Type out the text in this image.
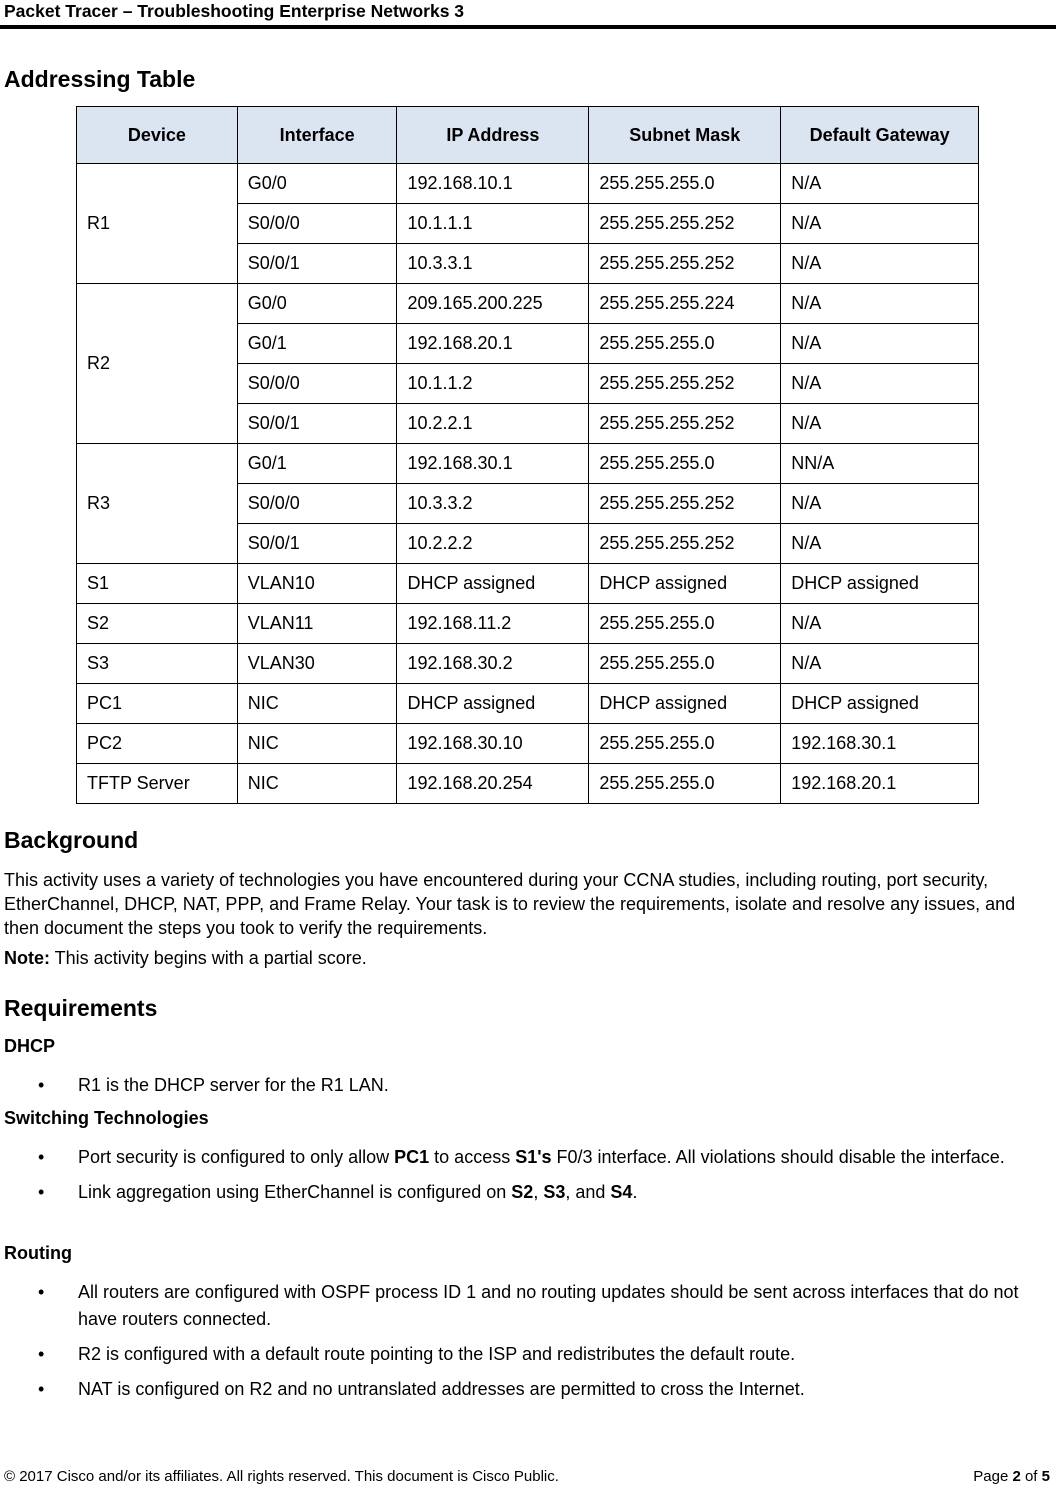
Packet Tracer – Troubleshooting Enterprise Networks 3
Addressing Table
Device	Interface	IP Address	Subnet Mask	Default Gateway
R1	G0/0	192.168.10.1	255.255.255.0	N/A
	S0/0/0	10.1.1.1	255.255.255.252	N/A
	S0/0/1	10.3.3.1	255.255.255.252	N/A
R2	G0/0	209.165.200.225	255.255.255.224	N/A
	G0/1	192.168.20.1	255.255.255.0	N/A
	S0/0/0	10.1.1.2	255.255.255.252	N/A
	S0/0/1	10.2.2.1	255.255.255.252	N/A
R3	G0/1	192.168.30.1	255.255.255.0	NN/A
	S0/0/0	10.3.3.2	255.255.255.252	N/A
	S0/0/1	10.2.2.2	255.255.255.252	N/A
S1	VLAN10	DHCP assigned	DHCP assigned	DHCP assigned
S2	VLAN11	192.168.11.2	255.255.255.0	N/A
S3	VLAN30	192.168.30.2	255.255.255.0	N/A
PC1	NIC	DHCP assigned	DHCP assigned	DHCP assigned
PC2	NIC	192.168.30.10	255.255.255.0	192.168.30.1
TFTP Server	NIC	192.168.20.254	255.255.255.0	192.168.20.1
Background

This activity uses a variety of technologies you have encountered during your CCNA studies, including routing, port security, EtherChannel, DHCP, NAT, PPP, and Frame Relay. Your task is to review the requirements, isolate and resolve any issues, and then document the steps you took to verify the requirements.

Note: This activity begins with a partial score.

Requirements
DHCP
• R1 is the DHCP server for the R1 LAN.
Switching Technologies
• Port security is configured to only allow PC1 to access S1's F0/3 interface. All violations should disable the interface.
• Link aggregation using EtherChannel is configured on S2, S3, and S4.
Routing
• All routers are configured with OSPF process ID 1 and no routing updates should be sent across interfaces that do not have routers connected.
• R2 is configured with a default route pointing to the ISP and redistributes the default route.
• NAT is configured on R2 and no untranslated addresses are permitted to cross the Internet.
© 2017 Cisco and/or its affiliates. All rights reserved. This document is Cisco Public.	Page 2 of 5
